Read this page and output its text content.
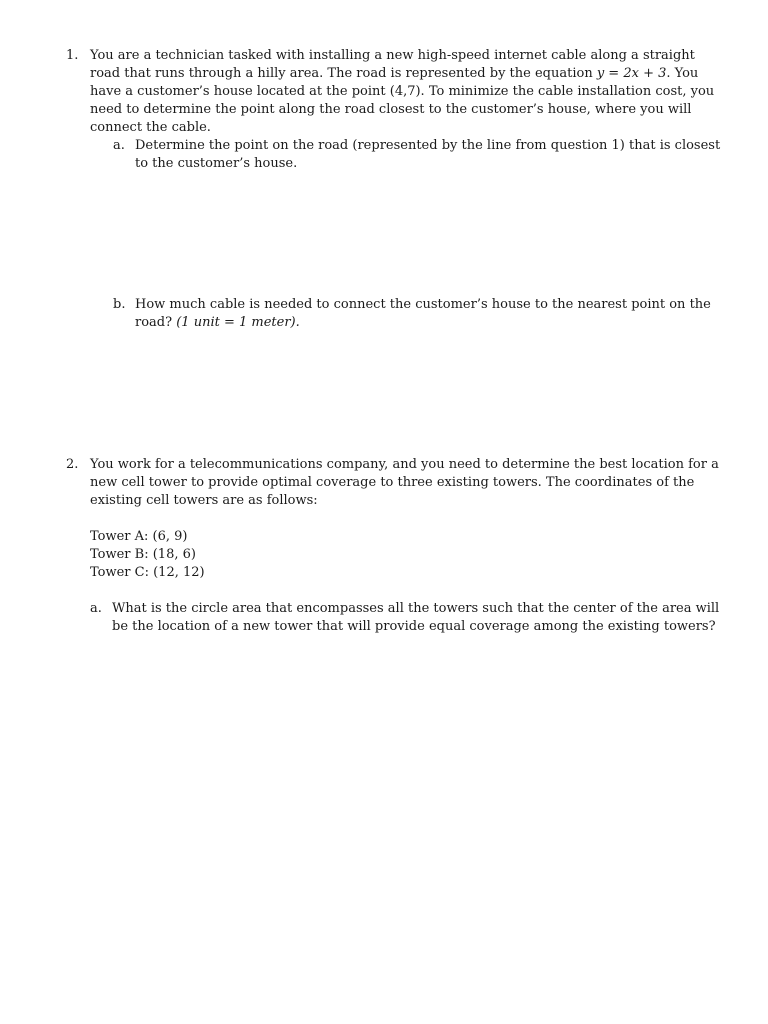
1. You are a technician tasked with installing a new high-speed internet cable along a straight road that runs through a hilly area. The road is represented by the equation y = 2x + 3. You have a customer’s house located at the point (4,7). To minimize the cable installation cost, you need to determine the point along the road closest to the customer’s house, where you will connect the cable.
a. Determine the point on the road (represented by the line from question 1) that is closest to the customer’s house.
b. How much cable is needed to connect the customer’s house to the nearest point on the road? (1 unit = 1 meter).
2. You work for a telecommunications company, and you need to determine the best location for a new cell tower to provide optimal coverage to three existing towers. The coordinates of the existing cell towers are as follows:
Tower A: (6, 9)
Tower B: (18, 6)
Tower C: (12, 12)
a. What is the circle area that encompasses all the towers such that the center of the area will be the location of a new tower that will provide equal coverage among the existing towers?
